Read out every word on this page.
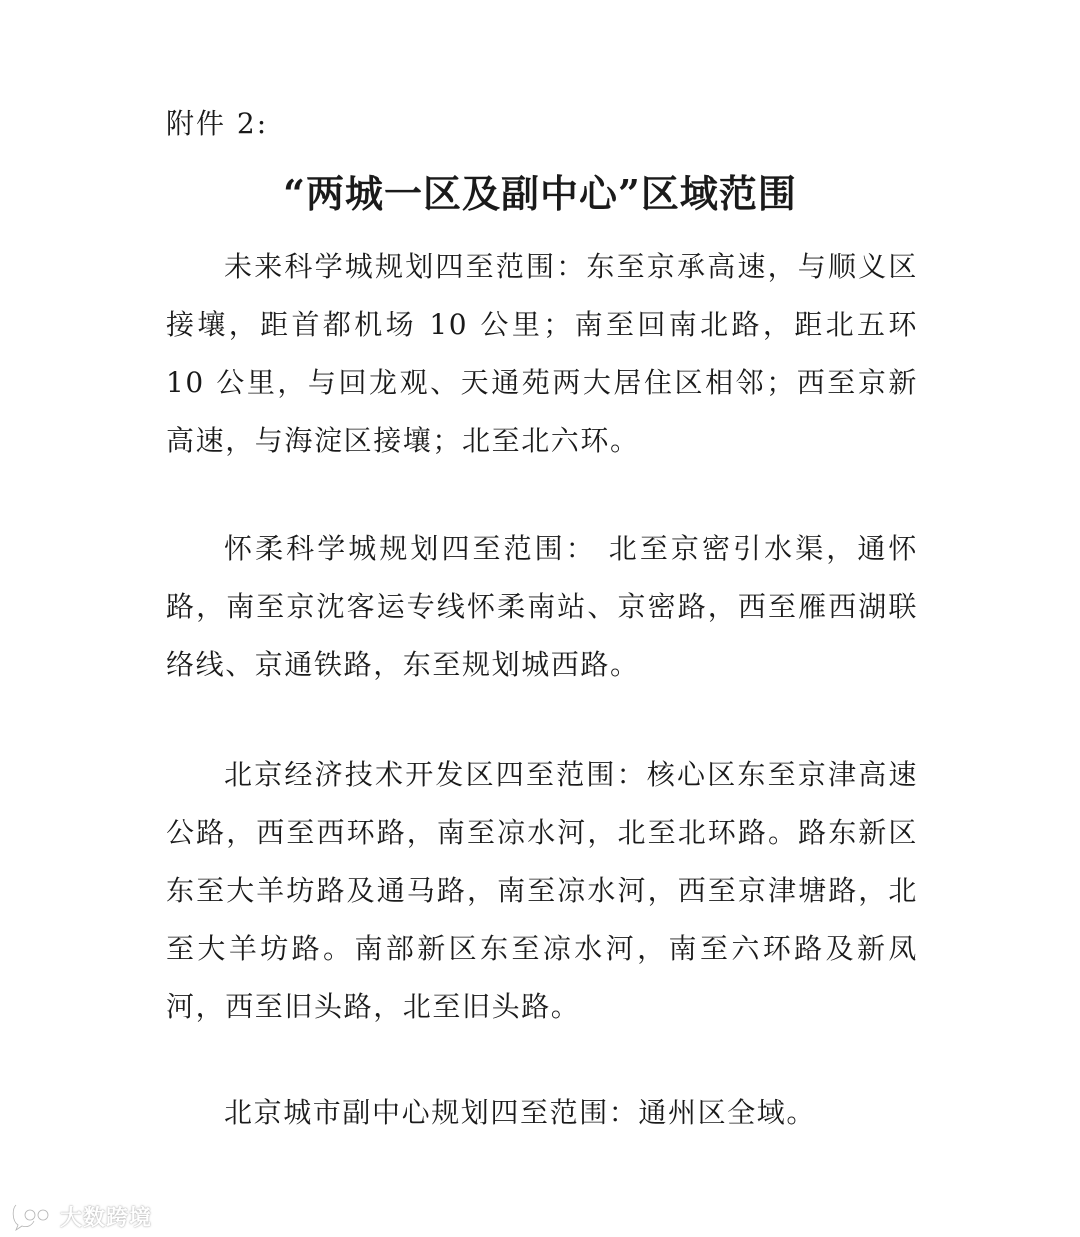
附件 2:
“两城一区及副中心”区域范围

未来科学城规划四至范围：东至京承高速，与顺义区接壤，距首都机场 10 公里；南至回南北路，距北五环 10 公里，与回龙观、天通苑两大居住区相邻；西至京新高速，与海淀区接壤；北至北六环。

怀柔科学城规划四至范围： 北至京密引水渠，通怀路，南至京沈客运专线怀柔南站、京密路，西至雁西湖联络线、京通铁路，东至规划城西路。

北京经济技术开发区四至范围：核心区东至京津高速公路，西至西环路，南至凉水河，北至北环路。路东新区东至大羊坊路及通马路，南至凉水河，西至京津塘路，北至大羊坊路。南部新区东至凉水河，南至六环路及新凤河，西至旧头路，北至旧头路。

北京城市副中心规划四至范围：通州区全域。

大数跨境
